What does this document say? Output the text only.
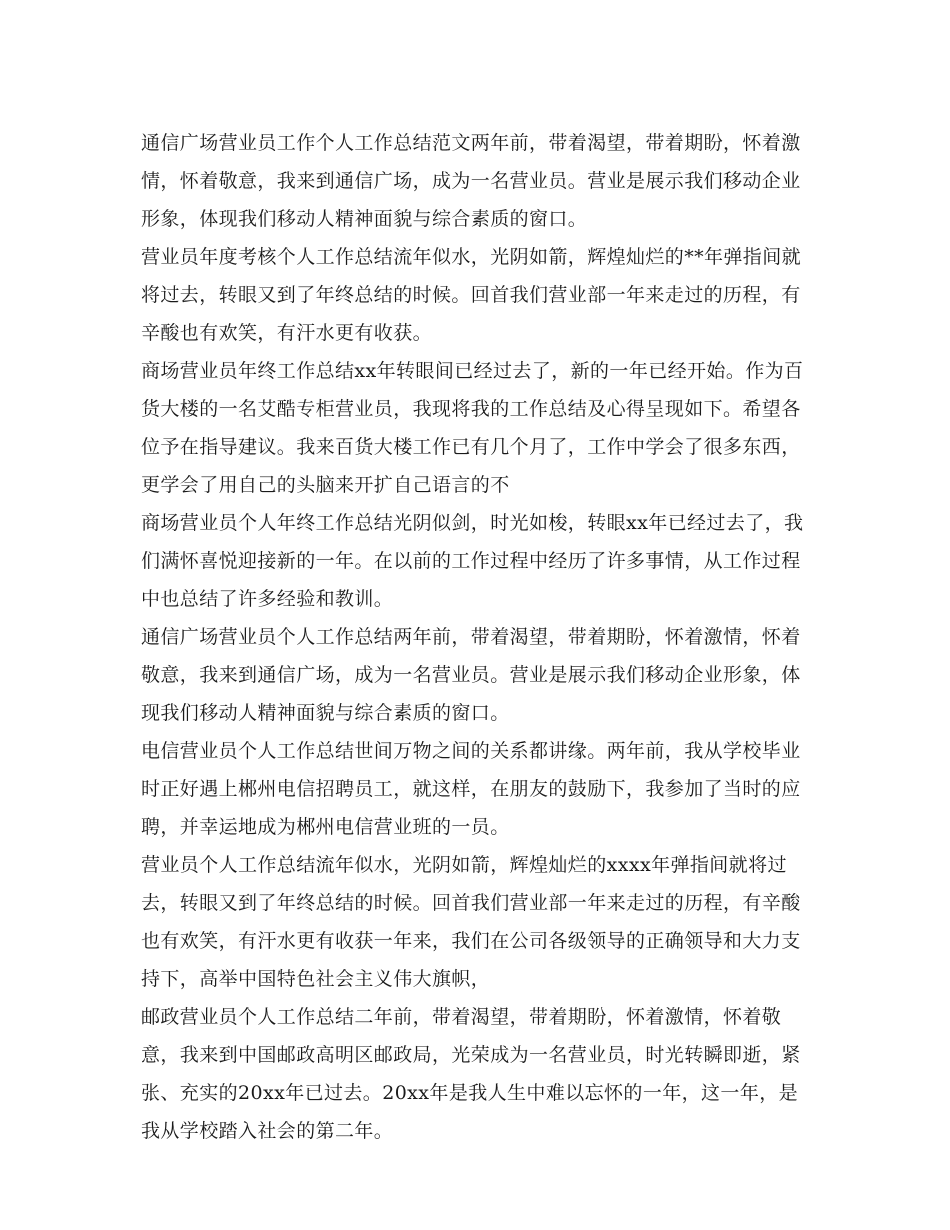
通信广场营业员工作个人工作总结范文两年前，带着渴望，带着期盼，怀着激情，怀着敬意，我来到通信广场，成为一名营业员。营业是展示我们移动企业形象，体现我们移动人精神面貌与综合素质的窗口。

营业员年度考核个人工作总结流年似水，光阴如箭，辉煌灿烂的**年弹指间就将过去，转眼又到了年终总结的时候。回首我们营业部一年来走过的历程，有辛酸也有欢笑，有汗水更有收获。

商场营业员年终工作总结xx年转眼间已经过去了，新的一年已经开始。作为百货大楼的一名艾酷专柜营业员，我现将我的工作总结及心得呈现如下。希望各位予在指导建议。我来百货大楼工作已有几个月了，工作中学会了很多东西，更学会了用自己的头脑来开扩自己语言的不

商场营业员个人年终工作总结光阴似剑，时光如梭，转眼xx年已经过去了，我们满怀喜悦迎接新的一年。在以前的工作过程中经历了许多事情，从工作过程中也总结了许多经验和教训。

通信广场营业员个人工作总结两年前，带着渴望，带着期盼，怀着激情，怀着敬意，我来到通信广场，成为一名营业员。营业是展示我们移动企业形象，体现我们移动人精神面貌与综合素质的窗口。

电信营业员个人工作总结世间万物之间的关系都讲缘。两年前，我从学校毕业时正好遇上郴州电信招聘员工，就这样，在朋友的鼓励下，我参加了当时的应聘，并幸运地成为郴州电信营业班的一员。

营业员个人工作总结流年似水，光阴如箭，辉煌灿烂的xxxx年弹指间就将过去，转眼又到了年终总结的时候。回首我们营业部一年来走过的历程，有辛酸也有欢笑，有汗水更有收获一年来，我们在公司各级领导的正确领导和大力支持下，高举中国特色社会主义伟大旗帜，

邮政营业员个人工作总结二年前，带着渴望，带着期盼，怀着激情，怀着敬意，我来到中国邮政高明区邮政局，光荣成为一名营业员，时光转瞬即逝，紧张、充实的20xx年已过去。20xx年是我人生中难以忘怀的一年，这一年，是我从学校踏入社会的第二年。
